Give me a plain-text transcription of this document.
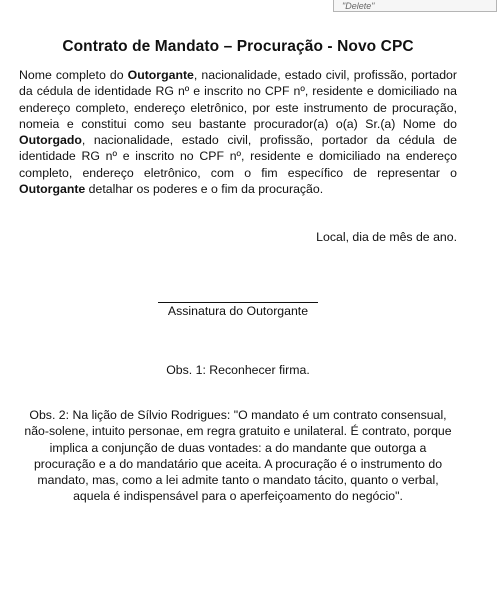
"Delete"
Contrato de Mandato – Procuração - Novo CPC

Nome completo do Outorgante, nacionalidade, estado civil, profissão, portador da cédula de identidade RG nº e inscrito no CPF nº, residente e domiciliado na endereço completo, endereço eletrônico, por este instrumento de procuração, nomeia e constitui como seu bastante procurador(a) o(a) Sr.(a) Nome do Outorgado, nacionalidade, estado civil, profissão, portador da cédula de identidade RG nº e inscrito no CPF nº, residente e domiciliado na endereço completo, endereço eletrônico, com o fim específico de representar o Outorgante detalhar os poderes e o fim da procuração.

Local, dia de mês de ano.
Assinatura do Outorgante
Obs. 1: Reconhecer firma.

Obs. 2: Na lição de Sílvio Rodrigues: "O mandato é um contrato consensual, não-solene, intuito personae, em regra gratuito e unilateral. É contrato, porque implica a conjunção de duas vontades: a do mandante que outorga a procuração e a do mandatário que aceita. A procuração é o instrumento do mandato, mas, como a lei admite tanto o mandato tácito, quanto o verbal, aquela é indispensável para o aperfeiçoamento do negócio".
